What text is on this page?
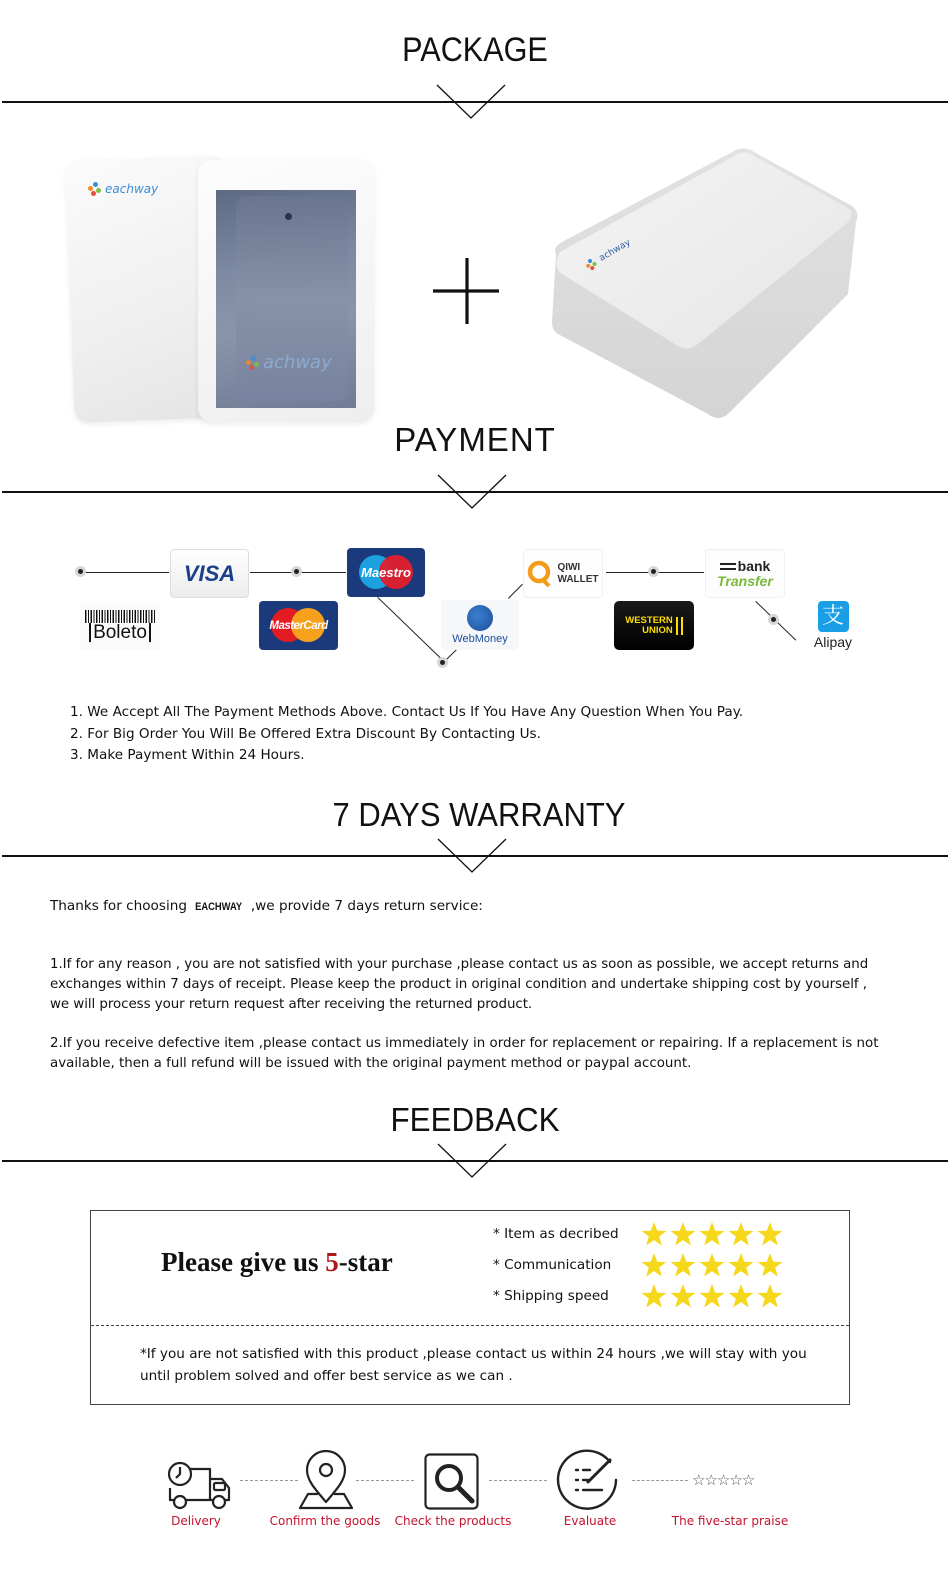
PACKAGE
eachway
achway
achway
PAYMENT
VISA	Maestro	QIWI
WALLET
bank
Transfer
Boleto	MasterCard
WebMoney
WESTERN
UNION
支
Alipay
1. We Accept All The Payment Methods Above. Contact Us If You Have Any Question When You Pay.
2. For Big Order You Will Be Offered Extra Discount By Contacting Us.
3. Make Payment Within 24 Hours.
7 DAYS WARRANTY
Thanks for choosing EACHWAY ,we provide 7 days return service:
1.If for any reason , you are not satisfied with your purchase ,please contact us as soon as possible, we accept returns and exchanges within 7 days of receipt. Please keep the product in original condition and undertake shipping cost by yourself , we will process your return request after receiving the returned product.
2.If you receive defective item ,please contact us immediately in order for replacement or repairing. If a replacement is not available, then a full refund will be issued with the original payment method or paypal account.
FEEDBACK
Please give us 5-star
* Item as decribed
* Communication
* Shipping speed
*If you are not satisfied with this product ,please contact us within 24 hours ,we will stay with you until problem solved and offer best service as we can .
Delivery	Confirm the goods	Check the products	Evaluate
☆☆☆☆☆
The five-star praise
